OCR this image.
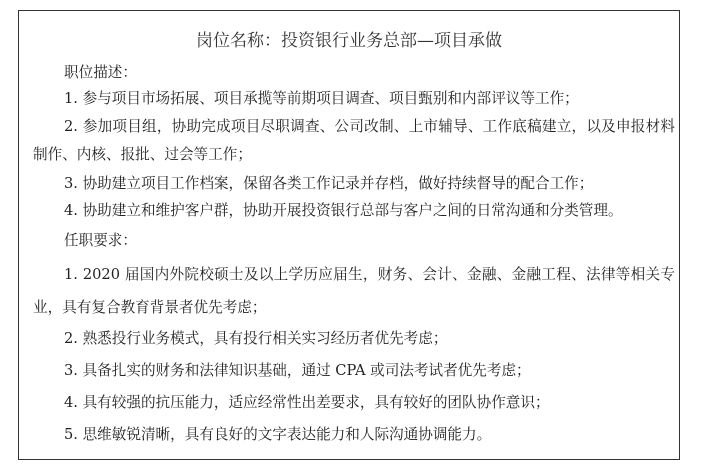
岗位名称：投资银行业务总部—项目承做
职位描述：
1. 参与项目市场拓展、项目承揽等前期项目调查、项目甄别和内部评议等工作；
2. 参加项目组，协助完成项目尽职调查、公司改制、上市辅导、工作底稿建立，以及申报材料制作、内核、报批、过会等工作；
3. 协助建立项目工作档案，保留各类工作记录并存档，做好持续督导的配合工作；
4. 协助建立和维护客户群，协助开展投资银行总部与客户之间的日常沟通和分类管理。
任职要求：
1. 2020 届国内外院校硕士及以上学历应届生，财务、会计、金融、金融工程、法律等相关专业，具有复合教育背景者优先考虑；
2. 熟悉投行业务模式，具有投行相关实习经历者优先考虑；
3. 具备扎实的财务和法律知识基础，通过 CPA 或司法考试者优先考虑；
4. 具有较强的抗压能力，适应经常性出差要求，具有较好的团队协作意识；
5. 思维敏锐清晰，具有良好的文字表达能力和人际沟通协调能力。
